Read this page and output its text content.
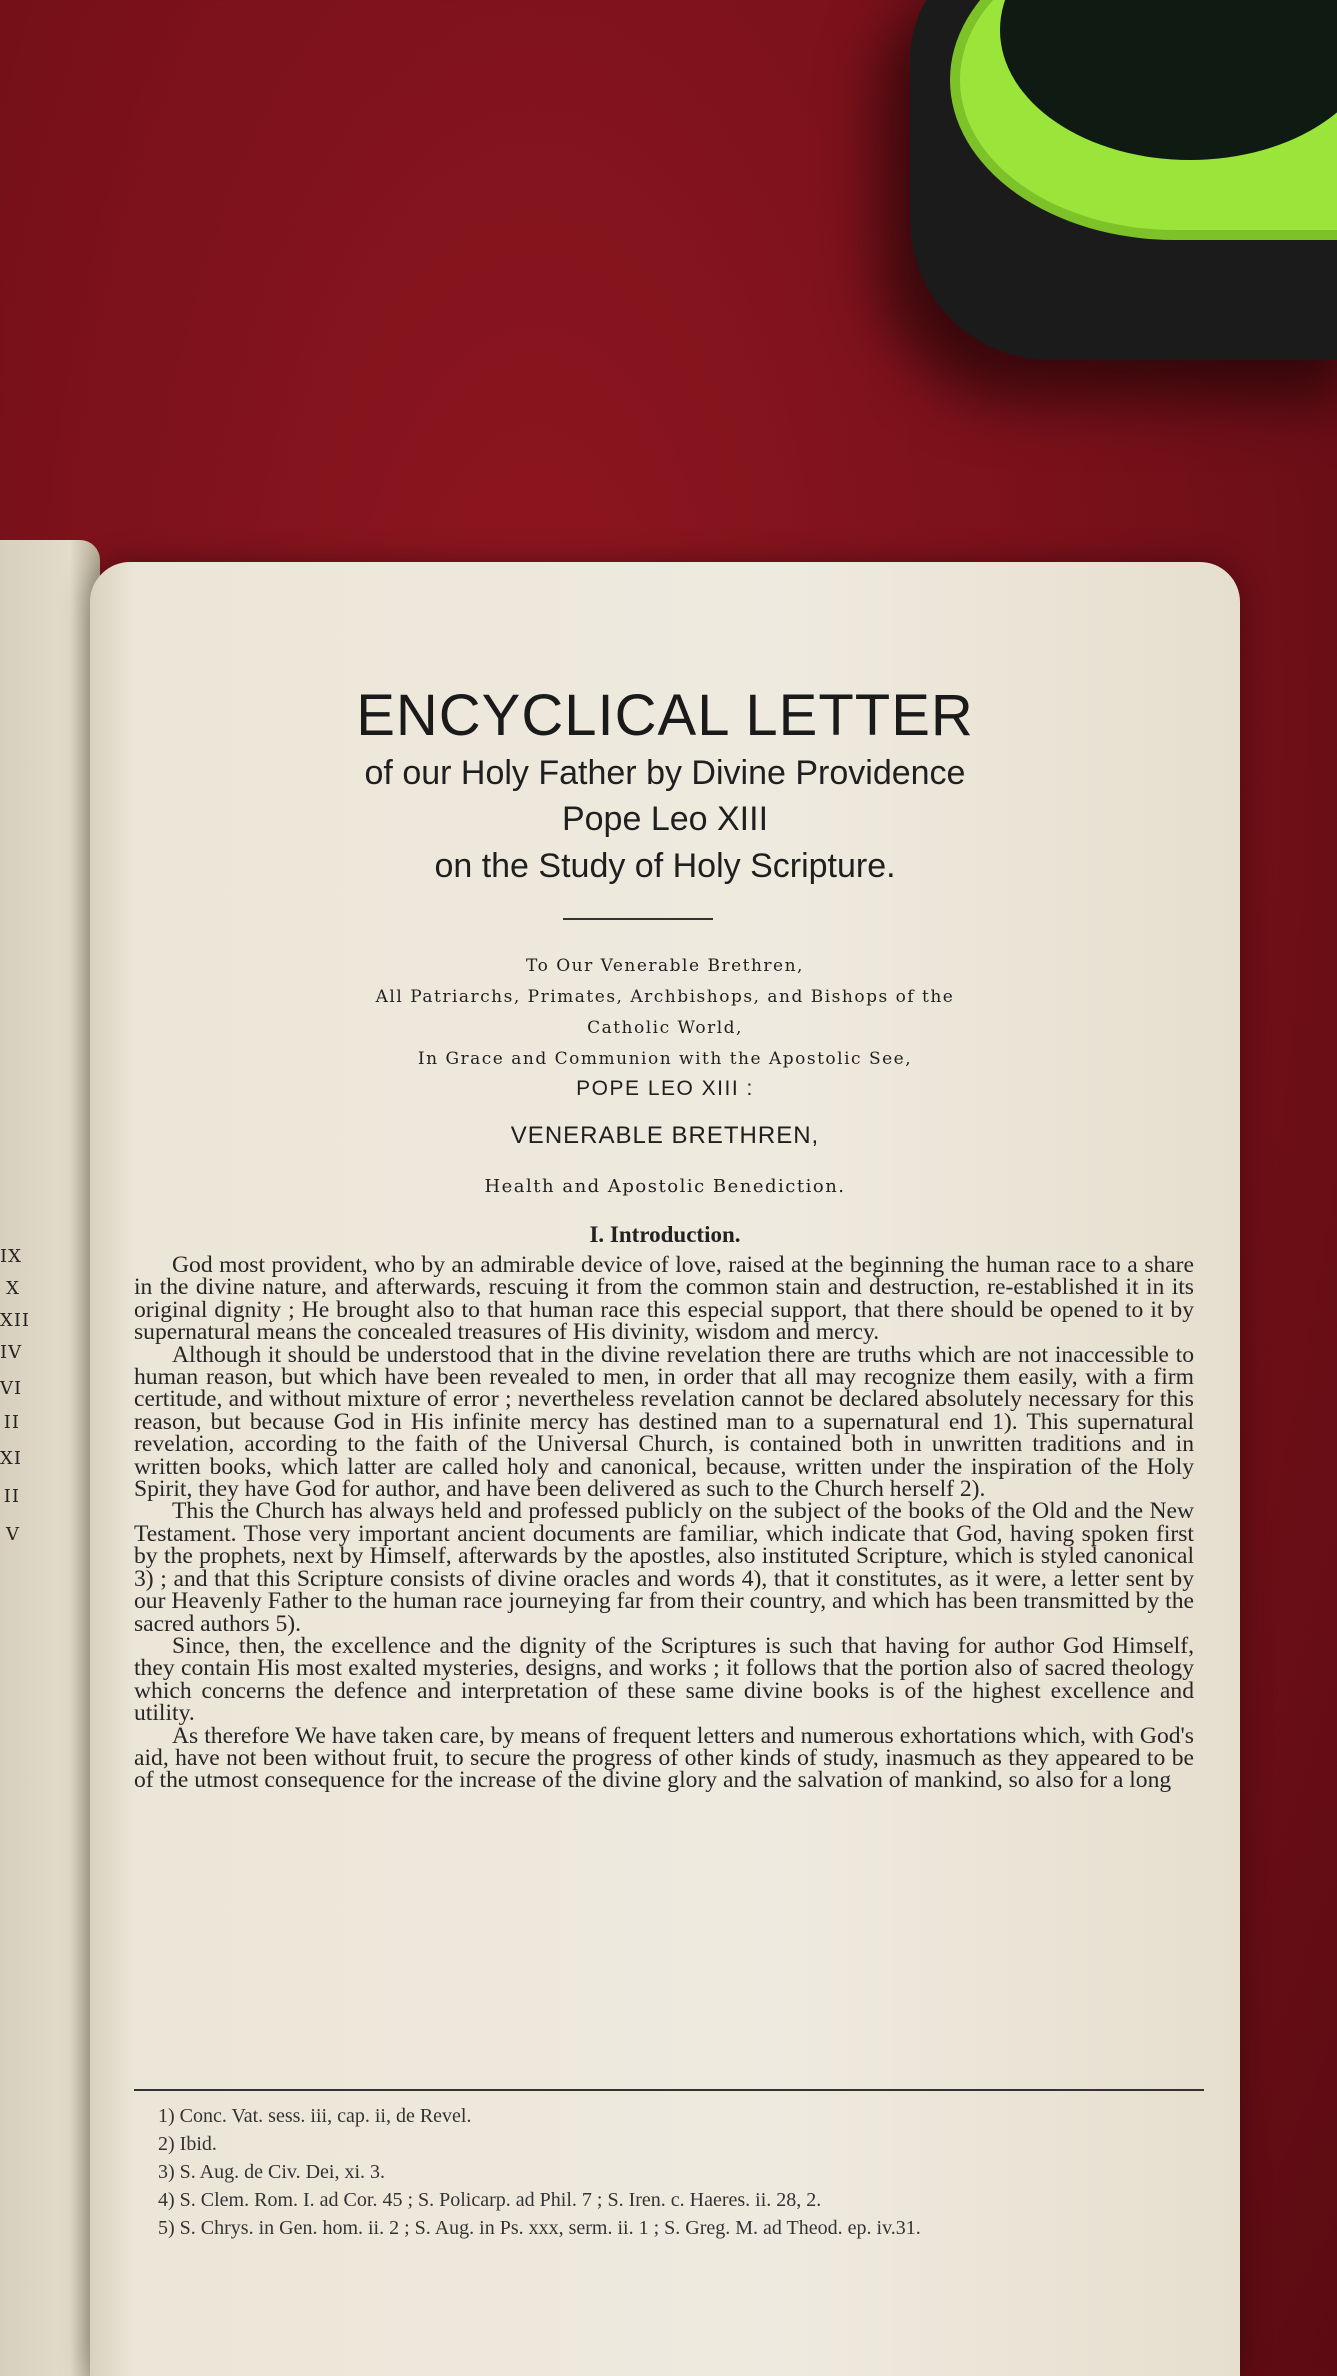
IX
X
XII
IV
VI
II
XI
II
V
ENCYCLICAL LETTER
of our Holy Father by Divine Providence
Pope Leo XIII
on the Study of Holy Scripture.
To Our Venerable Brethren,
All Patriarchs, Primates, Archbishops, and Bishops of the
Catholic World,
In Grace and Communion with the Apostolic See,
POPE LEO XIII :
VENERABLE BRETHREN,
Health and Apostolic Benediction.
I. Introduction.

God most provident, who by an admirable device of love, raised at the beginning the human race to a share in the divine nature, and afterwards, rescuing it from the common stain and destruction, re-established it in its original dignity ; He brought also to that human race this especial support, that there should be opened to it by supernatural means the concealed treasures of His divinity, wisdom and mercy.

Although it should be understood that in the divine revelation there are truths which are not inaccessible to human reason, but which have been revealed to men, in order that all may recognize them easily, with a firm certitude, and without mixture of error ; nevertheless revelation cannot be declared absolutely necessary for this reason, but because God in His infinite mercy has destined man to a supernatural end 1). This supernatural revelation, according to the faith of the Universal Church, is contained both in unwritten traditions and in written books, which latter are called holy and canonical, because, written under the inspiration of the Holy Spirit, they have God for author, and have been delivered as such to the Church herself 2).

This the Church has always held and professed publicly on the subject of the books of the Old and the New Testament. Those very important ancient documents are familiar, which indicate that God, having spoken first by the prophets, next by Himself, afterwards by the apostles, also instituted Scripture, which is styled canonical 3) ; and that this Scripture consists of divine oracles and words 4), that it constitutes, as it were, a letter sent by our Heavenly Father to the human race journeying far from their country, and which has been transmitted by the sacred authors 5).

Since, then, the excellence and the dignity of the Scriptures is such that having for author God Himself, they contain His most exalted mysteries, designs, and works ; it follows that the portion also of sacred theology which concerns the defence and interpretation of these same divine books is of the highest excellence and utility.

As therefore We have taken care, by means of frequent letters and numerous exhortations which, with God's aid, have not been without fruit, to secure the progress of other kinds of study, inasmuch as they appeared to be of the utmost consequence for the increase of the divine glory and the salvation of mankind, so also for a long

1) Conc. Vat. sess. iii, cap. ii, de Revel.
2) Ibid.
3) S. Aug. de Civ. Dei, xi. 3.
4) S. Clem. Rom. I. ad Cor. 45 ; S. Policarp. ad Phil. 7 ; S. Iren. c. Haeres. ii. 28, 2.
5) S. Chrys. in Gen. hom. ii. 2 ; S. Aug. in Ps. xxx, serm. ii. 1 ; S. Greg. M. ad Theod. ep. iv.31.
